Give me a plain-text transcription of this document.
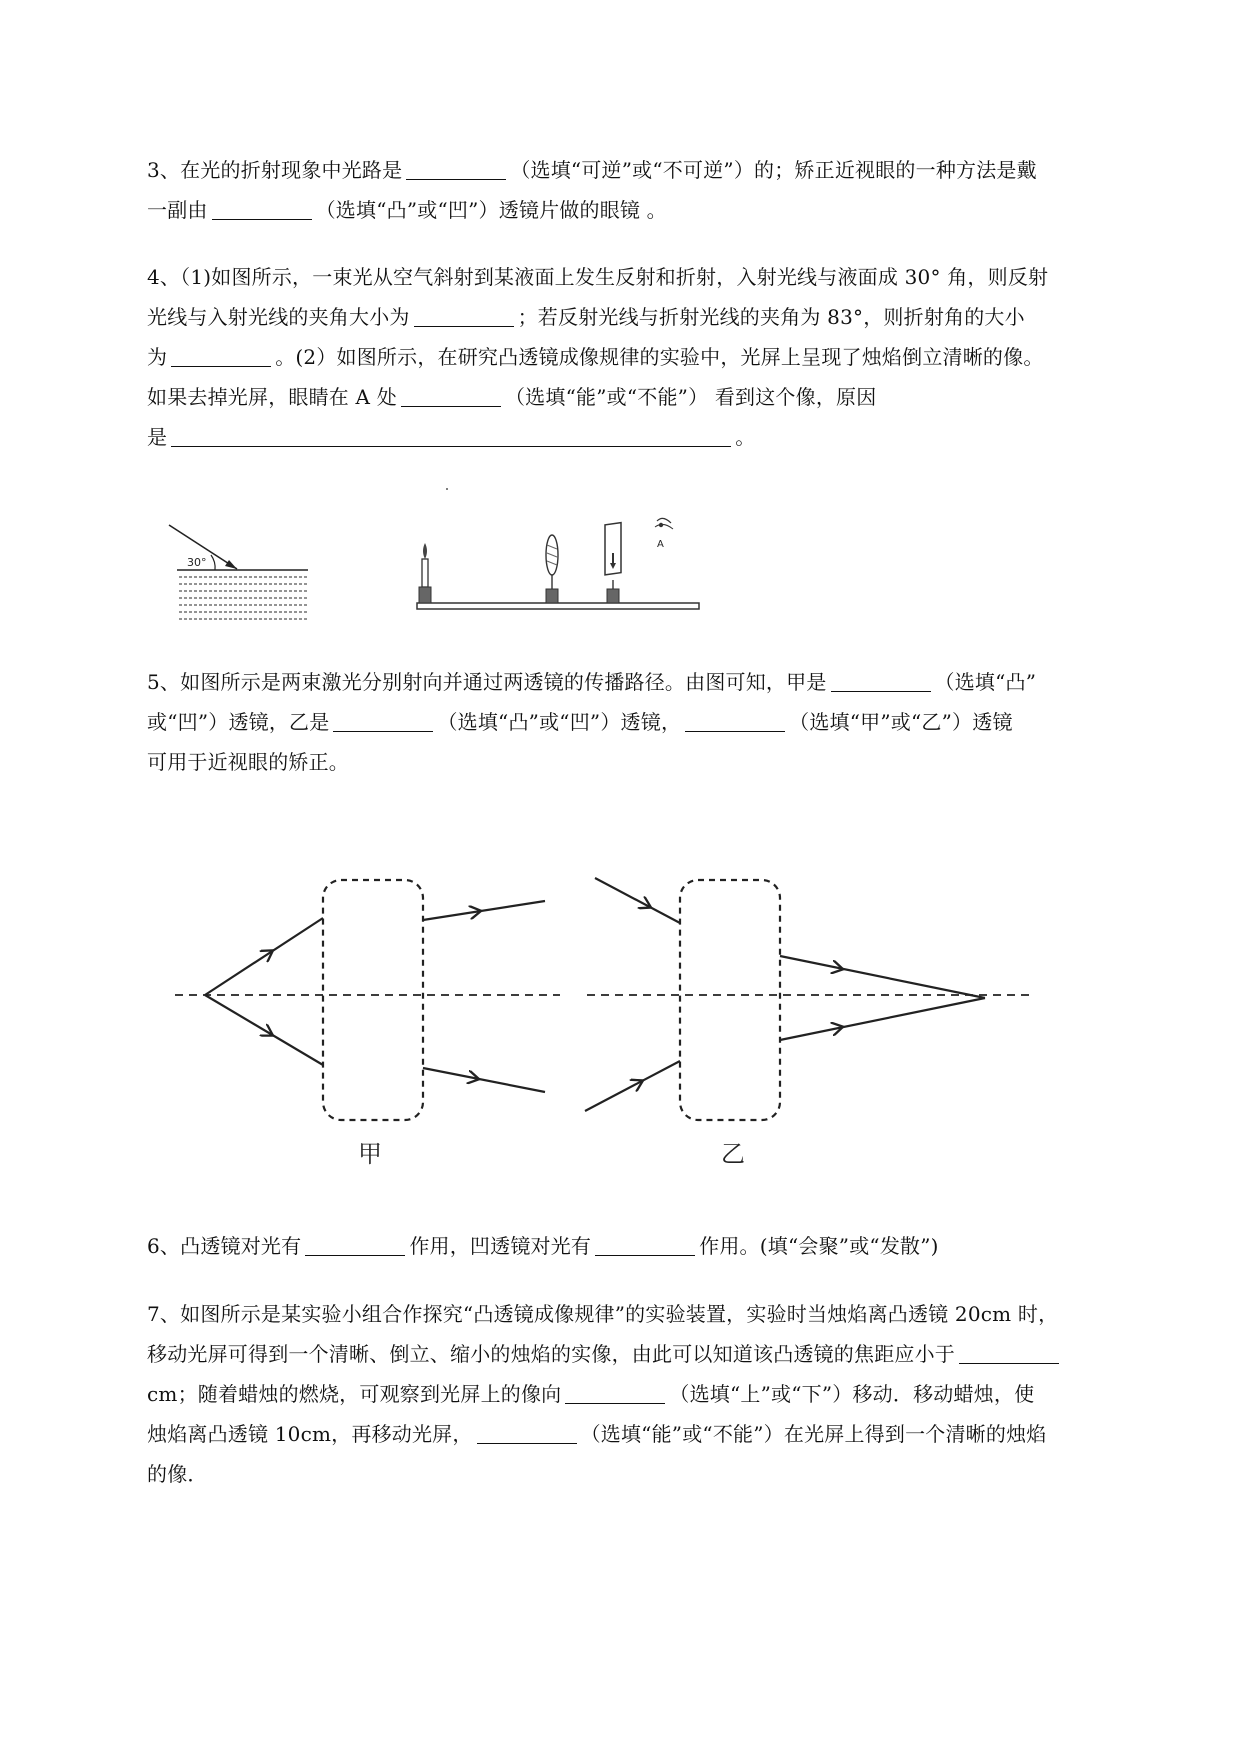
3、在光的折射现象中光路是	（选填“可逆”或“不可逆”）的；矫正近视眼的一种方法是戴
一副由	（选填“凸”或“凹”）透镜片做的眼镜 。
4、（1)如图所示，一束光从空气斜射到某液面上发生反射和折射，入射光线与液面成 30° 角，则反射
光线与入射光线的夹角大小为	；若反射光线与折射光线的夹角为 83°，则折射角的大小
为	。(2）如图所示，在研究凸透镜成像规律的实验中，光屏上呈现了烛焰倒立清晰的像。
如果去掉光屏，眼睛在 A 处	（选填“能”或“不能”） 看到这个像，原因
是	。
30°
A
5、如图所示是两束激光分别射向并通过两透镜的传播路径。由图可知，甲是	（选填“凸”
或“凹”）透镜，乙是	（选填“凸”或“凹”）透镜，	（选填“甲”或“乙”）透镜
可用于近视眼的矫正。
甲	乙
6、凸透镜对光有	作用，凹透镜对光有	作用。(填“会聚”或“发散”)
7、如图所示是某实验小组合作探究“凸透镜成像规律”的实验装置，实验时当烛焰离凸透镜 20cm 时，
移动光屏可得到一个清晰、倒立、缩小的烛焰的实像，由此可以知道该凸透镜的焦距应小于
cm；随着蜡烛的燃烧，可观察到光屏上的像向	（选填“上”或“下”）移动．移动蜡烛，使
烛焰离凸透镜 10cm，再移动光屏，	（选填“能”或“不能”）在光屏上得到一个清晰的烛焰
的像．
